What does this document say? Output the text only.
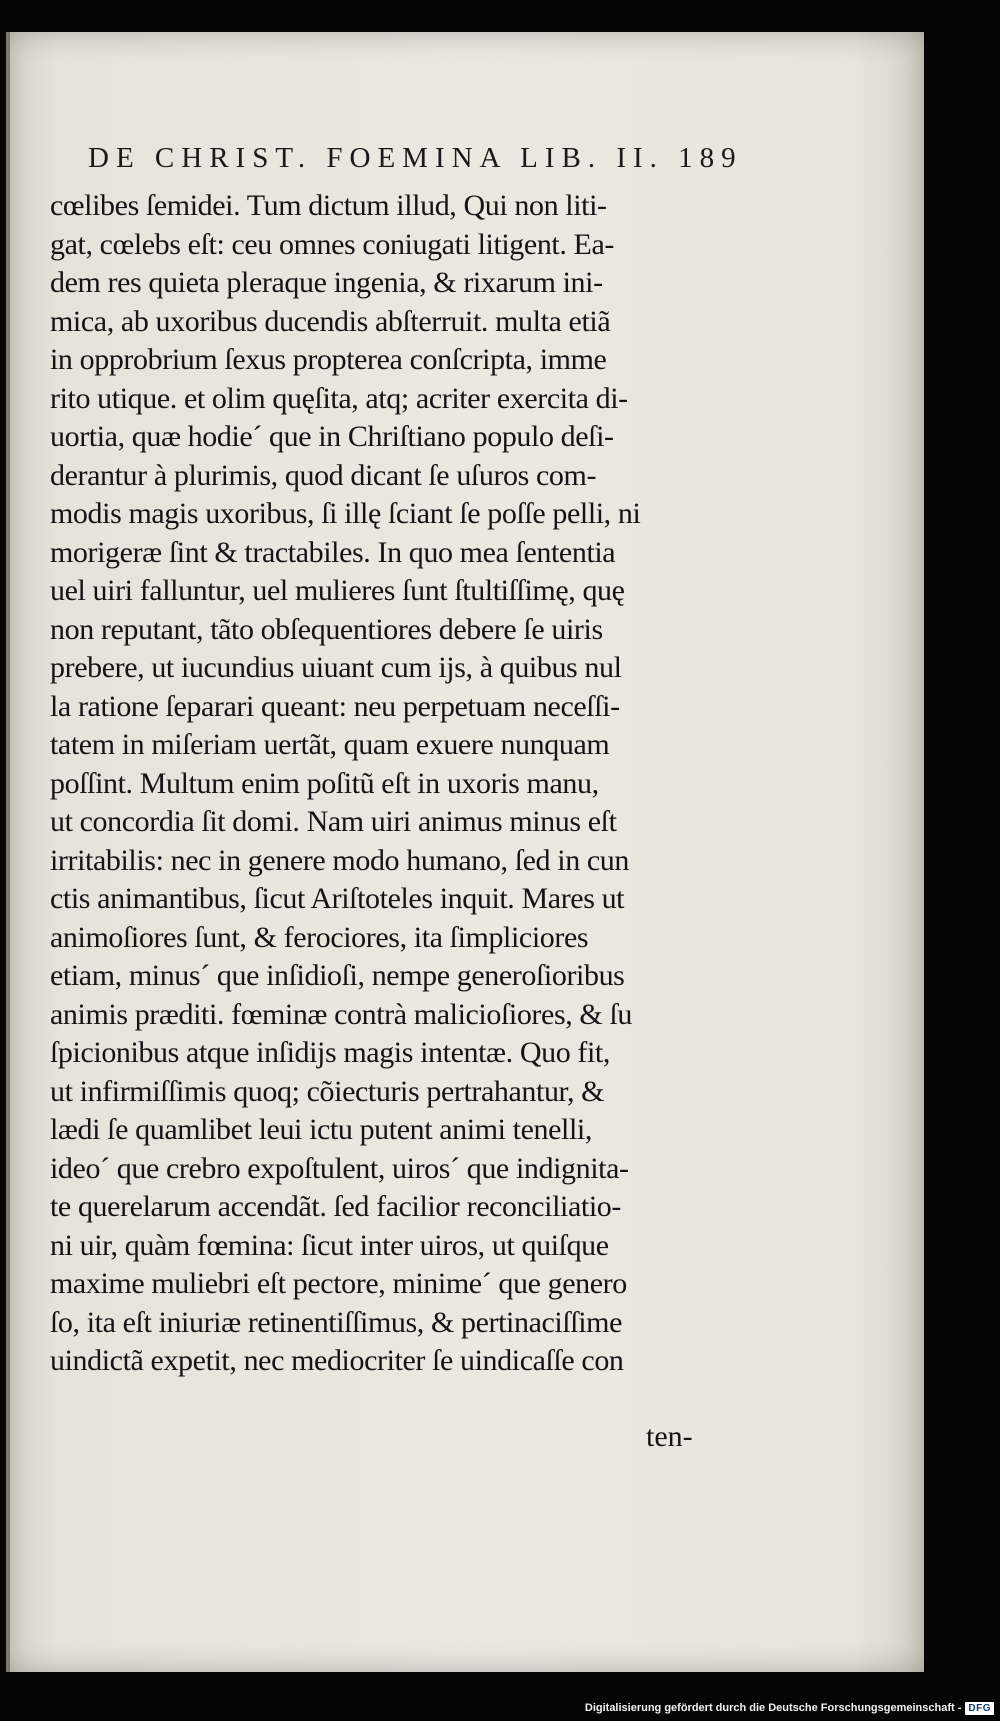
DE CHRIST. FOEMINA LIB. II. 189
cœlibes ſemidei. Tum dictum illud, Qui non liti-
gat, cœlebs eſt: ceu omnes coniugati litigent. Ea-
dem res quieta pleraque ingenia, & rixarum ini-
mica, ab uxoribus ducendis abſterruit. multa etiã
in opprobrium ſexus propterea conſcripta, imme
rito utique. et olim quęſita, atq; acriter exercita di-
uortia, quæ hodie´ que in Chriſtiano populo deſi-
derantur à plurimis, quod dicant ſe uſuros com-
modis magis uxoribus, ſi illę ſciant ſe poſſe pelli, ni
morigeræ ſint & tractabiles. In quo mea ſententia
uel uiri falluntur, uel mulieres ſunt ſtultiſſimę, quę
non reputant, tãto obſequentiores debere ſe uiris
prebere, ut iucundius uiuant cum ijs, à quibus nul
la ratione ſeparari queant: neu perpetuam neceſſi-
tatem in miſeriam uertãt, quam exuere nunquam
poſſint. Multum enim poſitũ eſt in uxoris manu,
ut concordia ſit domi. Nam uiri animus minus eſt
irritabilis: nec in genere modo humano, ſed in cun
ctis animantibus, ſicut Ariſtoteles inquit. Mares ut
animoſiores ſunt, & ferociores, ita ſimpliciores
etiam, minus´ que inſidioſi, nempe generoſioribus
animis præditi. fœminæ contrà malicioſiores, & ſu
ſpicionibus atque inſidijs magis intentæ. Quo fit,
ut infirmiſſimis quoq; cõiecturis pertrahantur, &
lædi ſe quamlibet leui ictu putent animi tenelli,
ideo´ que crebro expoſtulent, uiros´ que indignita-
te querelarum accendãt. ſed facilior reconciliatio-
ni uir, quàm fœmina: ſicut inter uiros, ut quiſque
maxime muliebri eſt pectore, minime´ que genero
ſo, ita eſt iniuriæ retinentiſſimus, & pertinaciſſime
uindictã expetit, nec mediocriter ſe uindicaſſe con
ten-
Digitalisierung gefördert durch die Deutsche Forschungsgemeinschaft - DFG
